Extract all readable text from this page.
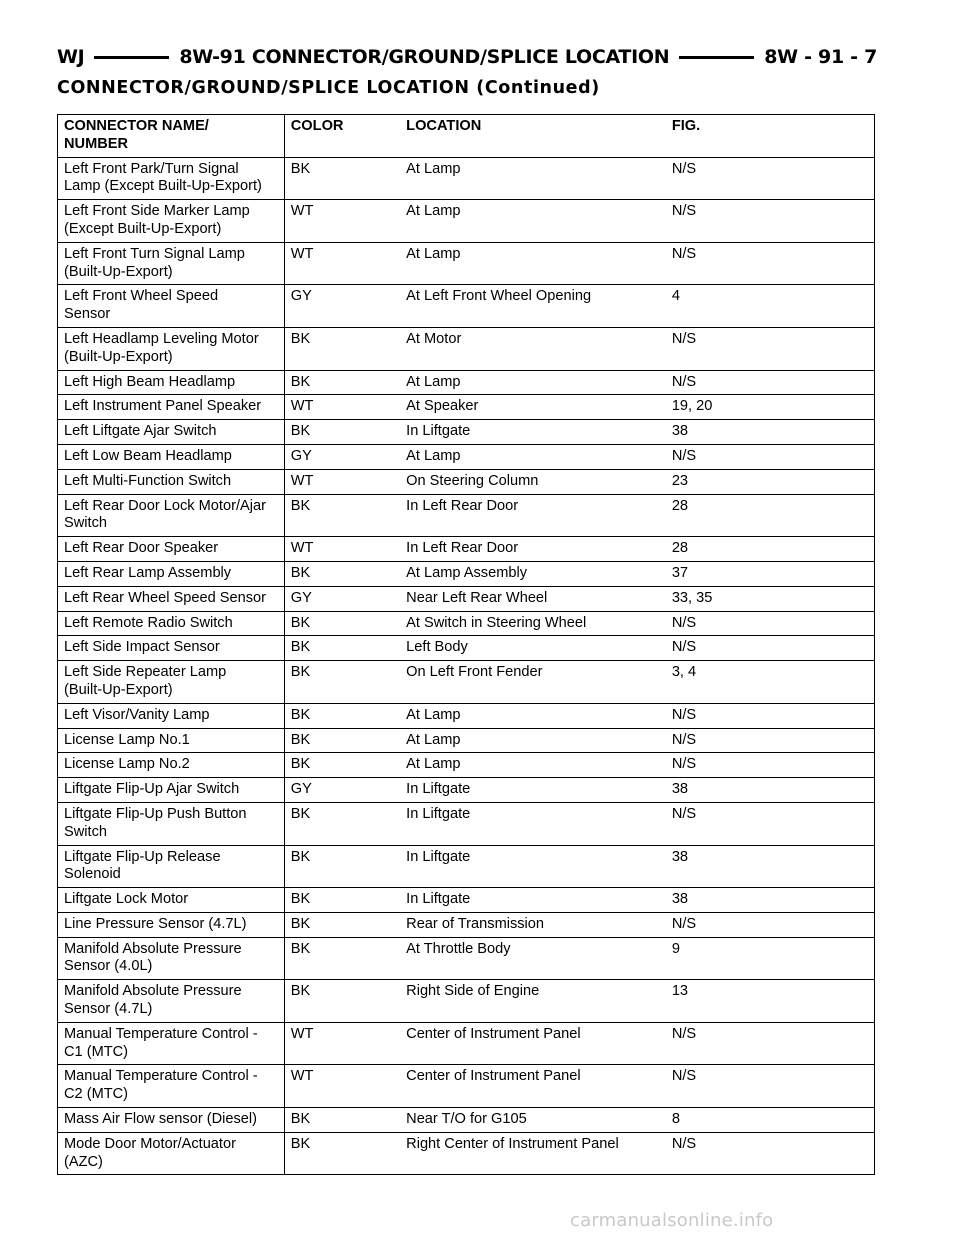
WJ	8W-91 CONNECTOR/GROUND/SPLICE LOCATION	8W - 91 - 7
CONNECTOR/GROUND/SPLICE LOCATION (Continued)
CONNECTOR NAME/
NUMBER	COLOR	LOCATION	FIG.
Left Front Park/Turn Signal
Lamp (Except Built-Up-Export)	BK	At Lamp	N/S
Left Front Side Marker Lamp
(Except Built-Up-Export)	WT	At Lamp	N/S
Left Front Turn Signal Lamp
(Built-Up-Export)	WT	At Lamp	N/S
Left Front Wheel Speed
Sensor	GY	At Left Front Wheel Opening	4
Left Headlamp Leveling Motor
(Built-Up-Export)	BK	At Motor	N/S
Left High Beam Headlamp	BK	At Lamp	N/S
Left Instrument Panel Speaker	WT	At Speaker	19, 20
Left Liftgate Ajar Switch	BK	In Liftgate	38
Left Low Beam Headlamp	GY	At Lamp	N/S
Left Multi-Function Switch	WT	On Steering Column	23
Left Rear Door Lock Motor/Ajar
Switch	BK	In Left Rear Door	28
Left Rear Door Speaker	WT	In Left Rear Door	28
Left Rear Lamp Assembly	BK	At Lamp Assembly	37
Left Rear Wheel Speed Sensor	GY	Near Left Rear Wheel	33, 35
Left Remote Radio Switch	BK	At Switch in Steering Wheel	N/S
Left Side Impact Sensor	BK	Left Body	N/S
Left Side Repeater Lamp
(Built-Up-Export)	BK	On Left Front Fender	3, 4
Left Visor/Vanity Lamp	BK	At Lamp	N/S
License Lamp No.1	BK	At Lamp	N/S
License Lamp No.2	BK	At Lamp	N/S
Liftgate Flip-Up Ajar Switch	GY	In Liftgate	38
Liftgate Flip-Up Push Button
Switch	BK	In Liftgate	N/S
Liftgate Flip-Up Release
Solenoid	BK	In Liftgate	38
Liftgate Lock Motor	BK	In Liftgate	38
Line Pressure Sensor (4.7L)	BK	Rear of Transmission	N/S
Manifold Absolute Pressure
Sensor (4.0L)	BK	At Throttle Body	9
Manifold Absolute Pressure
Sensor (4.7L)	BK	Right Side of Engine	13
Manual Temperature Control -
C1 (MTC)	WT	Center of Instrument Panel	N/S
Manual Temperature Control -
C2 (MTC)	WT	Center of Instrument Panel	N/S
Mass Air Flow sensor (Diesel)	BK	Near T/O for G105	8
Mode Door Motor/Actuator
(AZC)	BK	Right Center of Instrument Panel	N/S
carmanualsonline.info
